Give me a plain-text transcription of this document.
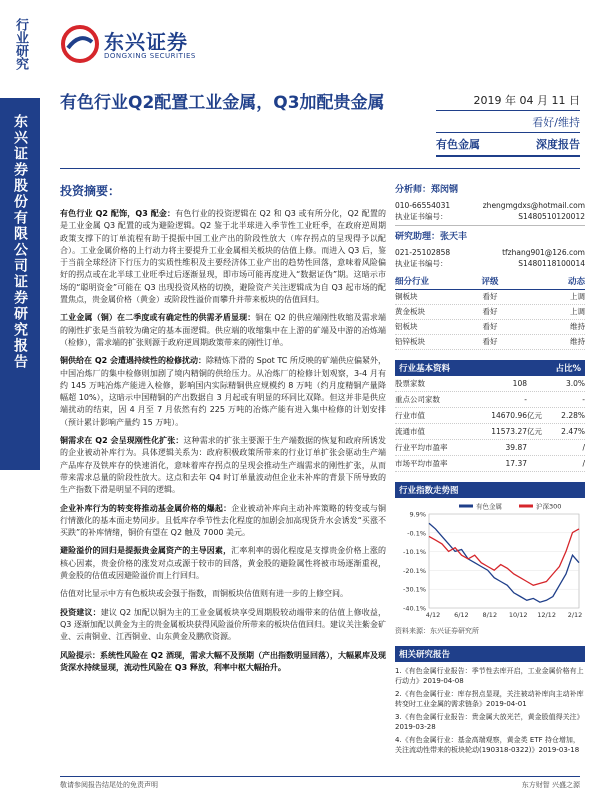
行业研究
东兴证券股份有限公司证券研究报告
东兴证券
DONGXING SECURITIES
有色行业Q2配置工业金属，Q3加配贵金属	2019 年 04 月 11 日
看好/维持
有色金属	深度报告
投资摘要：

有色行业 Q2 配饰，Q3 配金：有色行业的投资逻辑在 Q2 和 Q3 或有所分化，Q2 配置的是工业金属 Q3 配置的或为避险逻辑。Q2 鉴于北半球进入季节性工业旺季，在政府逆周期政策支撑下的订单流程有助于提振中国工业产出的阶段性放大（库存拐点的呈现得予以配合）。工业金属价格的上行动力将主要提升工业金属相关板块的估值上修。而进入 Q3 后，鉴于当前全球经济下行压力的实质性维积及主要经济体工业产出的趋势性回落，意味着风险偏好的拐点或在北半球工业旺季过后逐渐显现，即市场可能再度进入“数据证伪”期。这暗示市场的“聪明资金”可能在 Q3 出现投资风格的切换，避险资产关注逻辑成为自 Q3 起市场的配置焦点，贵金属价格（黄金）或阶段性溢价而攀升并带来板块的估值回归。

工业金属（铜）在二季度或有确定性的供需矛盾显现：铜在 Q2 的供应端刚性收缩及需求端的刚性扩张是当前较为确定的基本面逻辑。供应端的收缩集中在上游的矿端及中游的冶炼端（检修），需求端的扩张则源于政府逆周期政策带来的刚性订单。

铜供给在 Q2 会遭遇持续性的检修扰动：除精炼下滑的 Spot TC 所反映的矿端供应偏紧外，中国冶炼厂的集中检修则加剧了境内精铜的供给压力。从冶炼厂的检修计划观察，3-4 月有约 145 万吨冶炼产能进入检修，影响国内实际精铜供应规模约 8 万吨（约月度精铜产量降幅超 10%），这暗示中国精铜的产出数据自 3 月起或有明显的环同比双降。但这并非是供应端扰动的结束，因 4 月至 7 月依然有约 225 万吨的冶炼产能有进入集中检修的计划安排（预计累计影响产量约 15 万吨）。

铜需求在 Q2 会呈现刚性化扩张：这种需求的扩张主要源于生产端数据的恢复和政府所诱发的企业被动补库行为。具体逻辑关系为：政府积极政策所带来的行业订单扩张会驱动生产端产品库存及铁库存的快速消化，意味着库存拐点的呈现会推动生产端需求的刚性扩张，从而带来需求总量的阶段性放大。这点和去年 Q4 时订单量波动但企业未补库的背景下所导致的生产指数下滑是明显不同的逻辑。

企业补库行为的转变将推动基金属价格的爆起：企业被动补库向主动补库策略的转变或与铜行情激化的基本面走势同步。且低库存季节性去化程度的加剧会加高现货升水会诱发“买涨不买跌”的补库情绪，铜价有望在 Q2 触及 7000 美元。

避险溢价的回归是提振贵金属资产的主导因素，汇率利率的弱化程度是支撑贵金价格上涨的核心因素，贵金价格的涨发对点或源于较市的回落，黄金股的避险属性将被市场逐渐重视，黄金股的估值或因避险溢价而上行回归。

估值对比显示中方有色板块或会强于指数，而铜板块估值则有进一步的上修空间。

投资建议：建议 Q2 加配以铜为主的工业金属板块享受周期股较动端带来的估值上修收益，Q3 逐渐加配以黄金为主的贵金属板块获得风险溢价所带来的板块估值回归。建议关注紫金矿业、云南铜业、江西铜业、山东黄金及鹏欣资源。

风险提示：系统性风险在 Q2 酒现，需求大幅不及预期（产出指数明显回落），大幅累库及现货深水持续显现，流动性风险在 Q3 释放，利率中枢大幅抬升。

分析师：郑闵钢
010-66554031	zhengmgdxs@hotmail.com
执业证书编号：	S1480510120012
研究助理：张天丰
021-25102858	tfzhang901@126.com
执业证书编号：	S1480118100014
细分行业	评级	动态
铜板块	看好	上调
黄金板块	看好	上调
铝板块	看好	维持
铅锌板块	看好	维持
行业基本资料	占比%
股票家数	108	3.0%
重点公司家数	-	-
行业市值	14670.96 亿元	2.28%
流通市值	11573.27 亿元	2.47%
行业平均市盈率	39.87	/
市场平均市盈率	17.37	/
行业指数走势图
9.9%
-0.1%
-10.1%
-20.1%
-30.1%
-40.1%
4/12 6/12 8/12 10/12 12/12 2/12
有色金属	沪深300
资料来源：东兴证券研究所
相关研究报告
1.《有色金属行业报告：季节性去库开启，工业金属价格有上行动力》2019-04-08
2.《有色金属行业：库存拐点显现，关注被动补库向主动补库转变时工业金属的需求链条》2019-04-01
3.《有色金属行业报告：贵金属大放光芒，黄金股值得关注》2019-03-28
4.《有色金属行业：基金高端观察，黄金类 ETF 持仓增加，关注流动性带来的板块轮动(190318-0322)》2019-03-18
敬请参阅报告结尾处的免责声明	东方财智 兴盛之源
